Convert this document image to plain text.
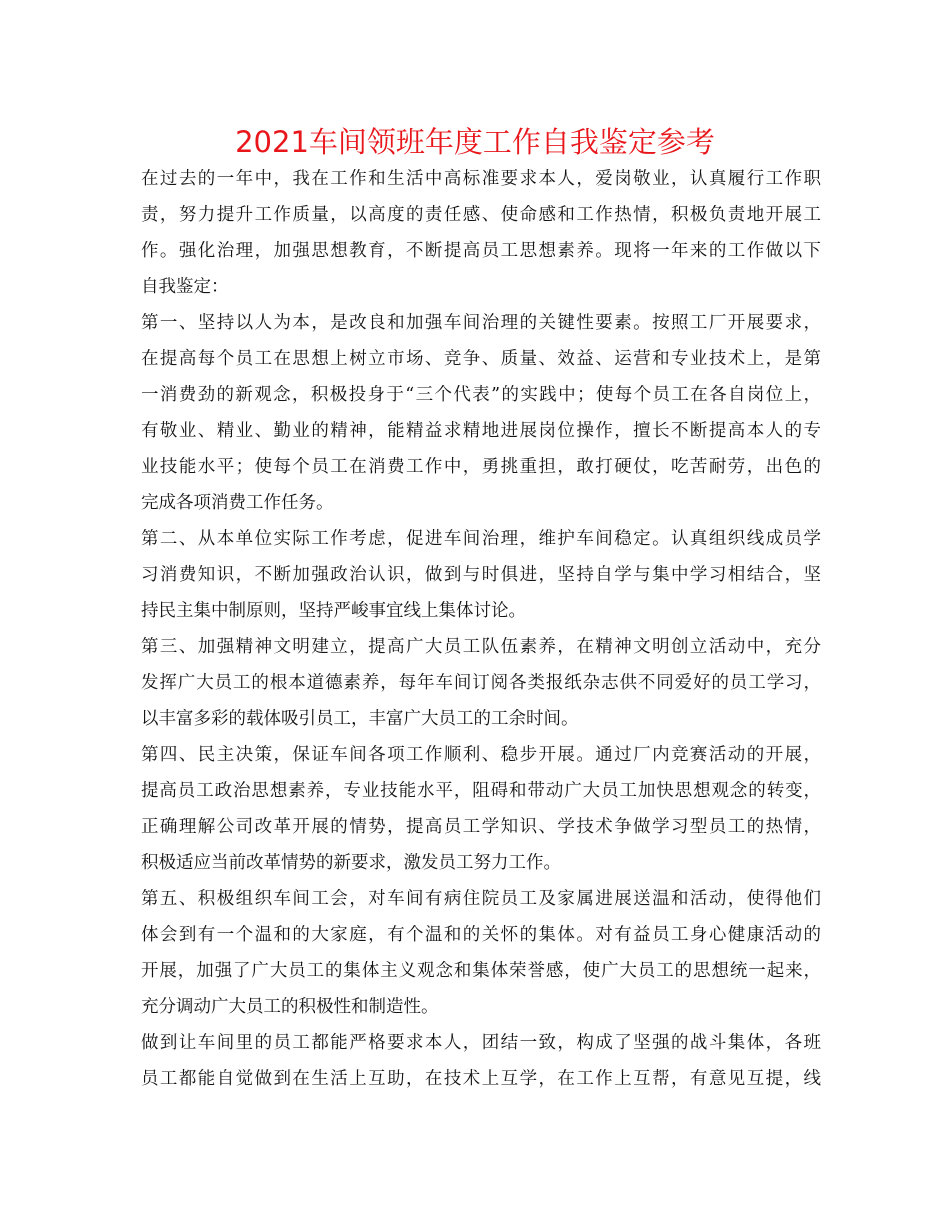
2021车间领班年度工作自我鉴定参考
在过去的一年中，我在工作和生活中高标准要求本人，爱岗敬业，认真履行工作职
责，努力提升工作质量，以高度的责任感、使命感和工作热情，积极负责地开展工
作。强化治理，加强思想教育，不断提高员工思想素养。现将一年来的工作做以下
自我鉴定：
第一、坚持以人为本，是改良和加强车间治理的关键性要素。按照工厂开展要求，
在提高每个员工在思想上树立市场、竞争、质量、效益、运营和专业技术上，是第
一消费劲的新观念，积极投身于“三个代表”的实践中；使每个员工在各自岗位上，
有敬业、精业、勤业的精神，能精益求精地进展岗位操作，擅长不断提高本人的专
业技能水平；使每个员工在消费工作中，勇挑重担，敢打硬仗，吃苦耐劳，出色的
完成各项消费工作任务。
第二、从本单位实际工作考虑，促进车间治理，维护车间稳定。认真组织线成员学
习消费知识，不断加强政治认识，做到与时俱进，坚持自学与集中学习相结合，坚
持民主集中制原则，坚持严峻事宜线上集体讨论。
第三、加强精神文明建立，提高广大员工队伍素养，在精神文明创立活动中，充分
发挥广大员工的根本道德素养，每年车间订阅各类报纸杂志供不同爱好的员工学习，
以丰富多彩的载体吸引员工，丰富广大员工的工余时间。
第四、民主决策，保证车间各项工作顺利、稳步开展。通过厂内竞赛活动的开展，
提高员工政治思想素养，专业技能水平，阻碍和带动广大员工加快思想观念的转变，
正确理解公司改革开展的情势，提高员工学知识、学技术争做学习型员工的热情，
积极适应当前改革情势的新要求，激发员工努力工作。
第五、积极组织车间工会，对车间有病住院员工及家属进展送温和活动，使得他们
体会到有一个温和的大家庭，有个温和的关怀的集体。对有益员工身心健康活动的
开展，加强了广大员工的集体主义观念和集体荣誉感，使广大员工的思想统一起来，
充分调动广大员工的积极性和制造性。
做到让车间里的员工都能严格要求本人，团结一致，构成了坚强的战斗集体，各班
员工都能自觉做到在生活上互助，在技术上互学，在工作上互帮，有意见互提，线
